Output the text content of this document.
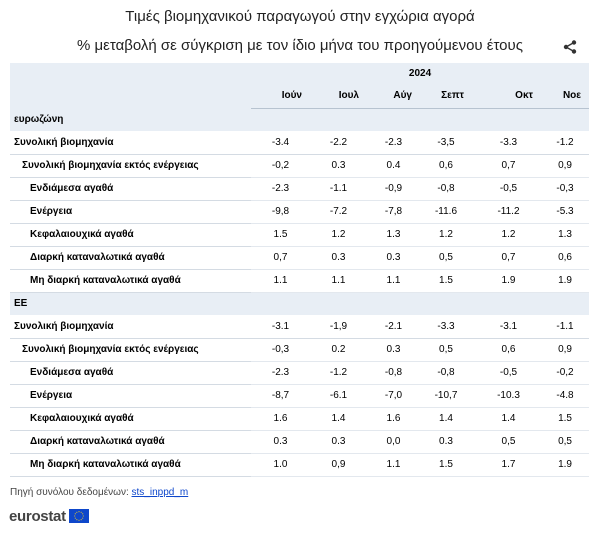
Τιμές βιομηχανικού παραγωγού στην εγχώρια αγορά
% μεταβολή σε σύγκριση με τον ίδιο μήνα του προηγούμενου έτους
	2024					
	Ιούν	Ιουλ	Αύγ	Σεπτ	Οκτ	Νοε
ευρωζώνη						
Συνολική βιομηχανία	-3.4	-2.2	-2.3	-3,5	-3.3	-1.2
Συνολική βιομηχανία εκτός ενέργειας	-0,2	0.3	0.4	0,6	0,7	0,9
Ενδιάμεσα αγαθά	-2.3	-1.1	-0,9	-0,8	-0,5	-0,3
Ενέργεια	-9,8	-7.2	-7,8	-11.6	-11.2	-5.3
Κεφαλαιουχικά αγαθά	1.5	1.2	1.3	1.2	1.2	1.3
Διαρκή καταναλωτικά αγαθά	0,7	0.3	0.3	0,5	0,7	0,6
Μη διαρκή καταναλωτικά αγαθά	1.1	1.1	1.1	1.5	1.9	1.9
ΕΕ						
Συνολική βιομηχανία	-3.1	-1,9	-2.1	-3.3	-3.1	-1.1
Συνολική βιομηχανία εκτός ενέργειας	-0,3	0.2	0.3	0,5	0,6	0,9
Ενδιάμεσα αγαθά	-2.3	-1.2	-0,8	-0,8	-0,5	-0,2
Ενέργεια	-8,7	-6.1	-7,0	-10,7	-10.3	-4.8
Κεφαλαιουχικά αγαθά	1.6	1.4	1.6	1.4	1.4	1.5
Διαρκή καταναλωτικά αγαθά	0.3	0.3	0,0	0.3	0,5	0,5
Μη διαρκή καταναλωτικά αγαθά	1.0	0,9	1.1	1.5	1.7	1.9
Πηγή συνόλου δεδομένων: sts_inppd_m
eurostat
